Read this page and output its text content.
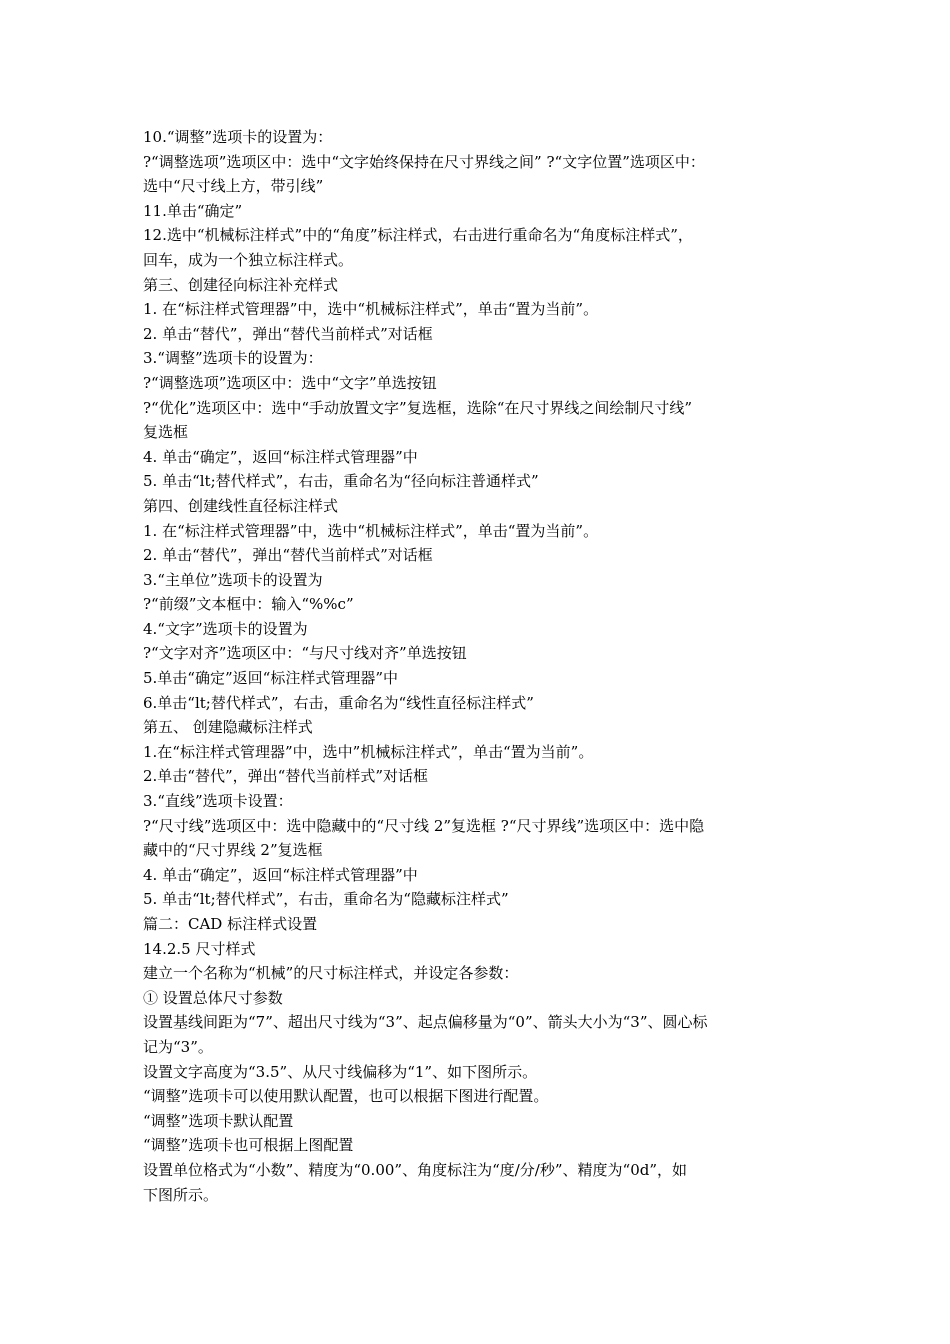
10.“调整”选项卡的设置为：
?“调整选项”选项区中：选中“文字始终保持在尺寸界线之间” ?“文字位置”选项区中：
选中“尺寸线上方，带引线”
11.单击“确定”
12.选中“机械标注样式”中的“角度”标注样式，右击进行重命名为“角度标注样式”，
回车，成为一个独立标注样式。
第三、创建径向标注补充样式
1. 在“标注样式管理器”中，选中“机械标注样式”，单击“置为当前”。
2. 单击“替代”，弹出“替代当前样式”对话框
3.“调整”选项卡的设置为：
?“调整选项”选项区中：选中“文字”单选按钮
?“优化”选项区中：选中“手动放置文字”复选框，选除“在尺寸界线之间绘制尺寸线”
复选框
4. 单击“确定”，返回“标注样式管理器”中
5. 单击“lt;替代样式”，右击，重命名为“径向标注普通样式”
第四、创建线性直径标注样式
1. 在“标注样式管理器”中，选中“机械标注样式”，单击“置为当前”。
2. 单击“替代”，弹出“替代当前样式”对话框
3.“主单位”选项卡的设置为
?“前缀”文本框中：输入“%%c”
4.“文字”选项卡的设置为
?“文字对齐”选项区中：“与尺寸线对齐”单选按钮
5.单击“确定”返回“标注样式管理器”中
6.单击“lt;替代样式”，右击，重命名为“线性直径标注样式”
第五、 创建隐藏标注样式
1.在“标注样式管理器”中，选中”机械标注样式”，单击“置为当前”。
2.单击“替代”，弹出“替代当前样式”对话框
3.“直线”选项卡设置：
?“尺寸线”选项区中：选中隐藏中的“尺寸线 2”复选框 ?“尺寸界线”选项区中：选中隐
藏中的“尺寸界线 2”复选框
4. 单击“确定”，返回“标注样式管理器”中
5. 单击“lt;替代样式”，右击，重命名为“隐藏标注样式”
篇二：CAD 标注样式设置
14.2.5 尺寸样式
建立一个名称为“机械”的尺寸标注样式，并设定各参数：
① 设置总体尺寸参数
设置基线间距为“7”、超出尺寸线为“3”、起点偏移量为“0”、箭头大小为“3”、圆心标
记为“3”。
设置文字高度为“3.5”、从尺寸线偏移为“1”、如下图所示。
“调整”选项卡可以使用默认配置，也可以根据下图进行配置。
“调整”选项卡默认配置
“调整”选项卡也可根据上图配置
设置单位格式为“小数”、精度为“0.00”、角度标注为“度/分/秒”、精度为“0d”，如
下图所示。
